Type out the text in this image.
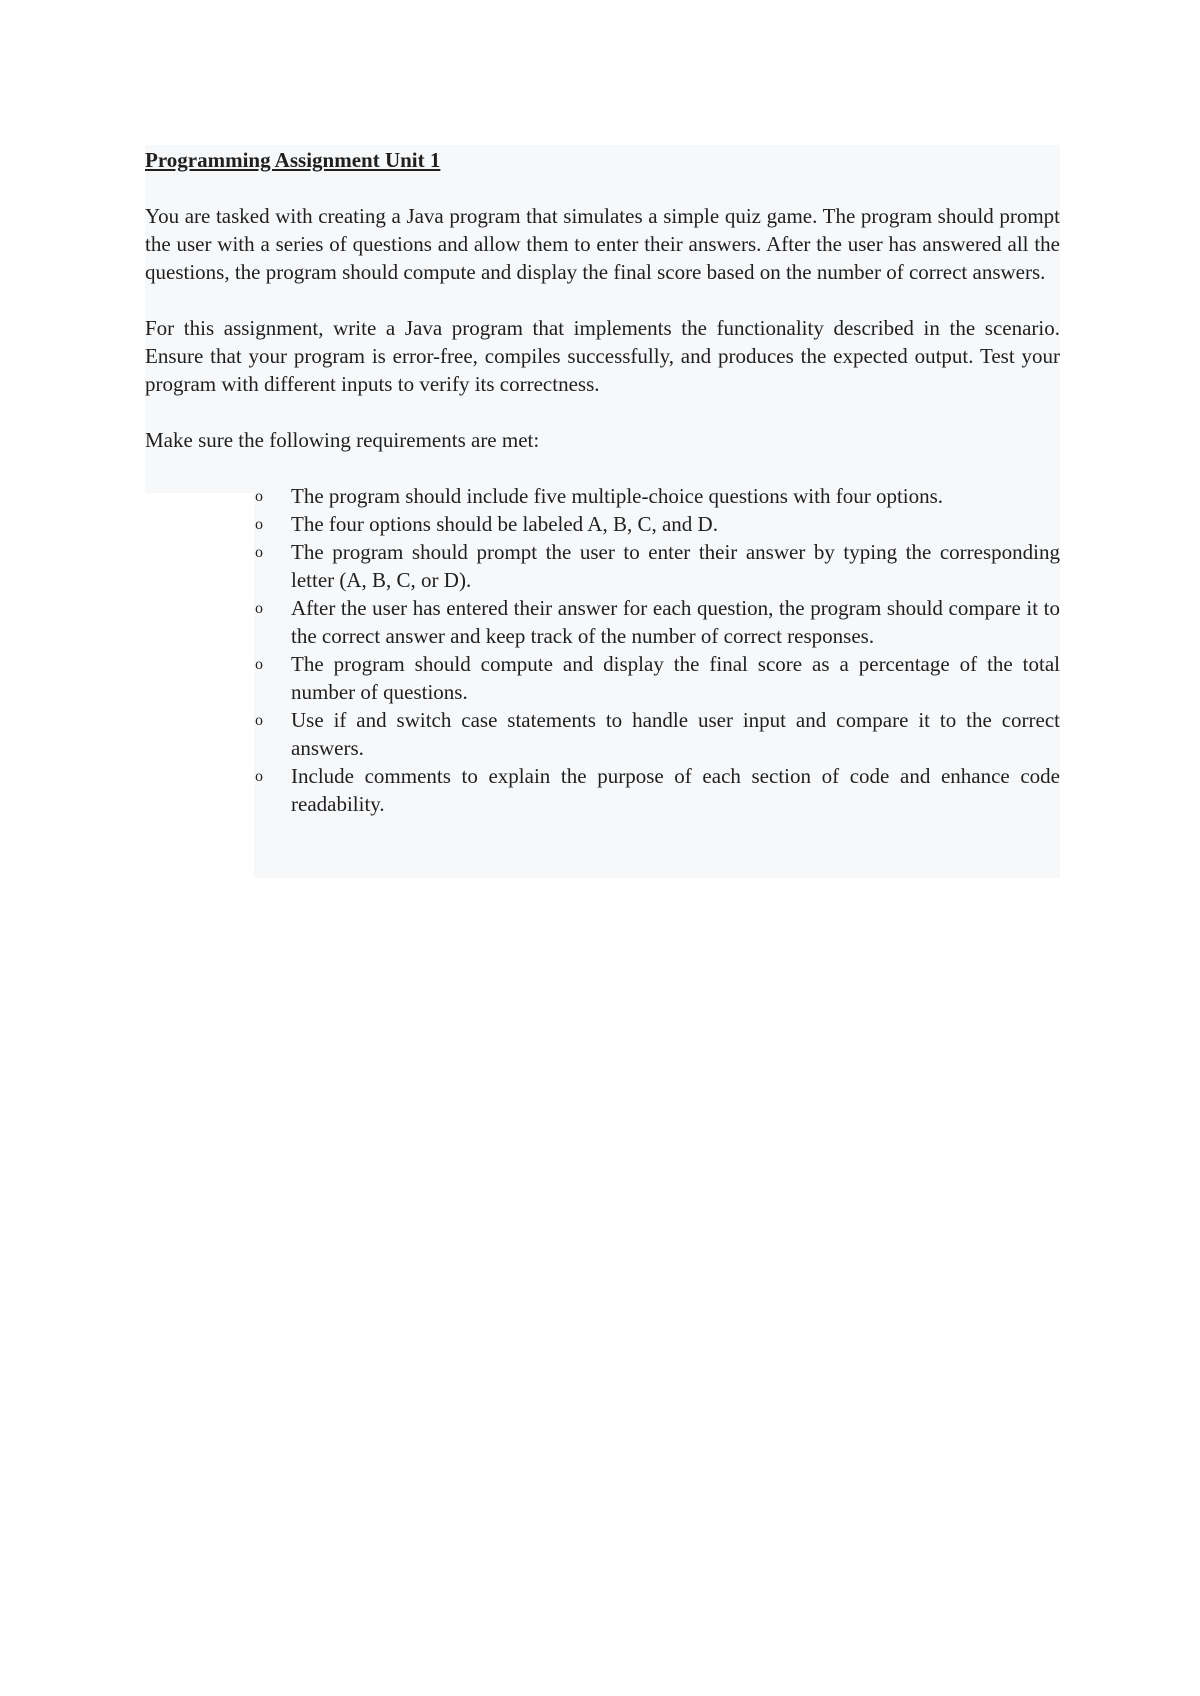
Programming Assignment Unit 1

You are tasked with creating a Java program that simulates a simple quiz game. The program should prompt the user with a series of questions and allow them to enter their answers. After the user has answered all the questions, the program should compute and display the final score based on the number of correct answers.

For this assignment, write a Java program that implements the functionality described in the scenario. Ensure that your program is error-free, compiles successfully, and produces the expected output. Test your program with different inputs to verify its correctness.

Make sure the following requirements are met:

o The program should include five multiple-choice questions with four options.
o The four options should be labeled A, B, C, and D.
o The program should prompt the user to enter their answer by typing the corresponding letter (A, B, C, or D).
o After the user has entered their answer for each question, the program should compare it to the correct answer and keep track of the number of correct responses.
o The program should compute and display the final score as a percentage of the total number of questions.
o Use if and switch case statements to handle user input and compare it to the correct answers.
o Include comments to explain the purpose of each section of code and enhance code readability.
